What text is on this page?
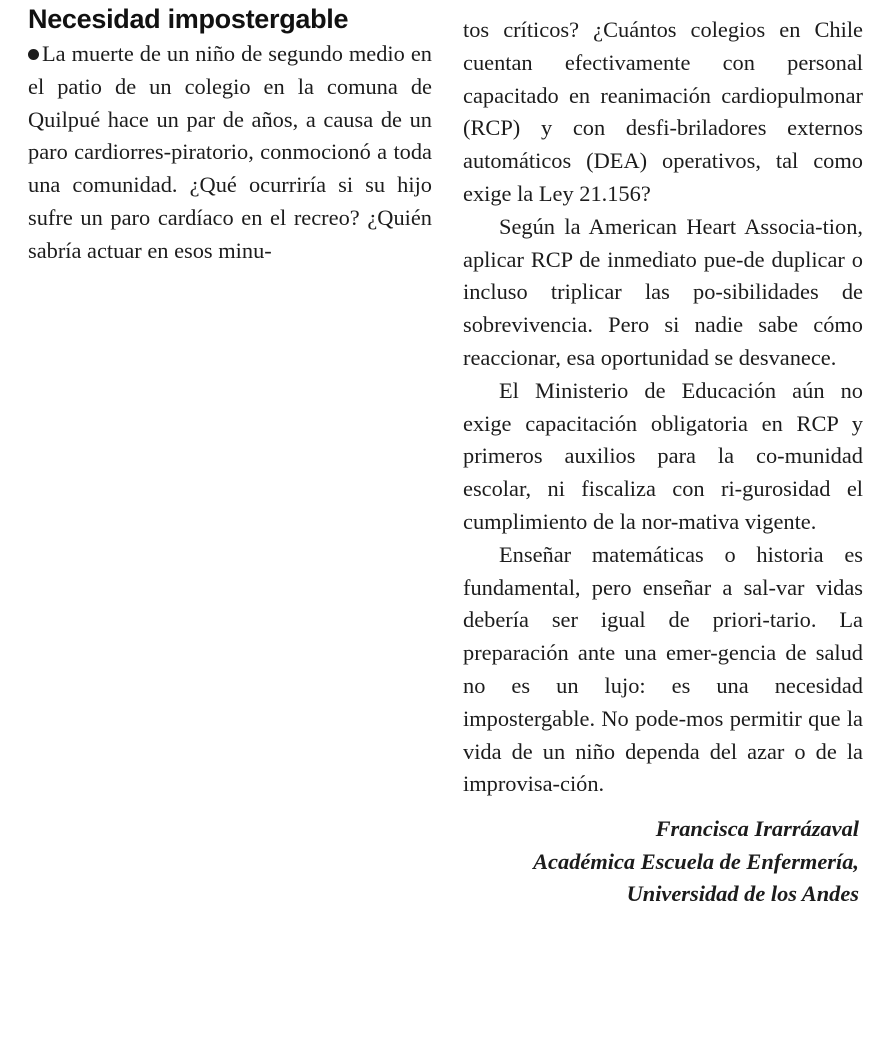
Necesidad impostergable

La muerte de un niño de segundo medio en el patio de un colegio en la comuna de Quilpué hace un par de años, a causa de un paro cardiorres-piratorio, conmocionó a toda una comunidad. ¿Qué ocurriría si su hijo sufre un paro cardíaco en el recreo? ¿Quién sabría actuar en esos minu-

tos críticos? ¿Cuántos colegios en Chile cuentan efectivamente con personal capacitado en reanimación cardiopulmonar (RCP) y con desfi-briladores externos automáticos (DEA) operativos, tal como exige la Ley 21.156?

Según la American Heart Associa-tion, aplicar RCP de inmediato pue-de duplicar o incluso triplicar las po-sibilidades de sobrevivencia. Pero si nadie sabe cómo reaccionar, esa oportunidad se desvanece.

El Ministerio de Educación aún no exige capacitación obligatoria en RCP y primeros auxilios para la co-munidad escolar, ni fiscaliza con ri-gurosidad el cumplimiento de la nor-mativa vigente.

Enseñar matemáticas o historia es fundamental, pero enseñar a sal-var vidas debería ser igual de priori-tario. La preparación ante una emer-gencia de salud no es un lujo: es una necesidad impostergable. No pode-mos permitir que la vida de un niño dependa del azar o de la improvisa-ción.

Francisca Irarrázaval
Académica Escuela de Enfermería,
Universidad de los Andes
